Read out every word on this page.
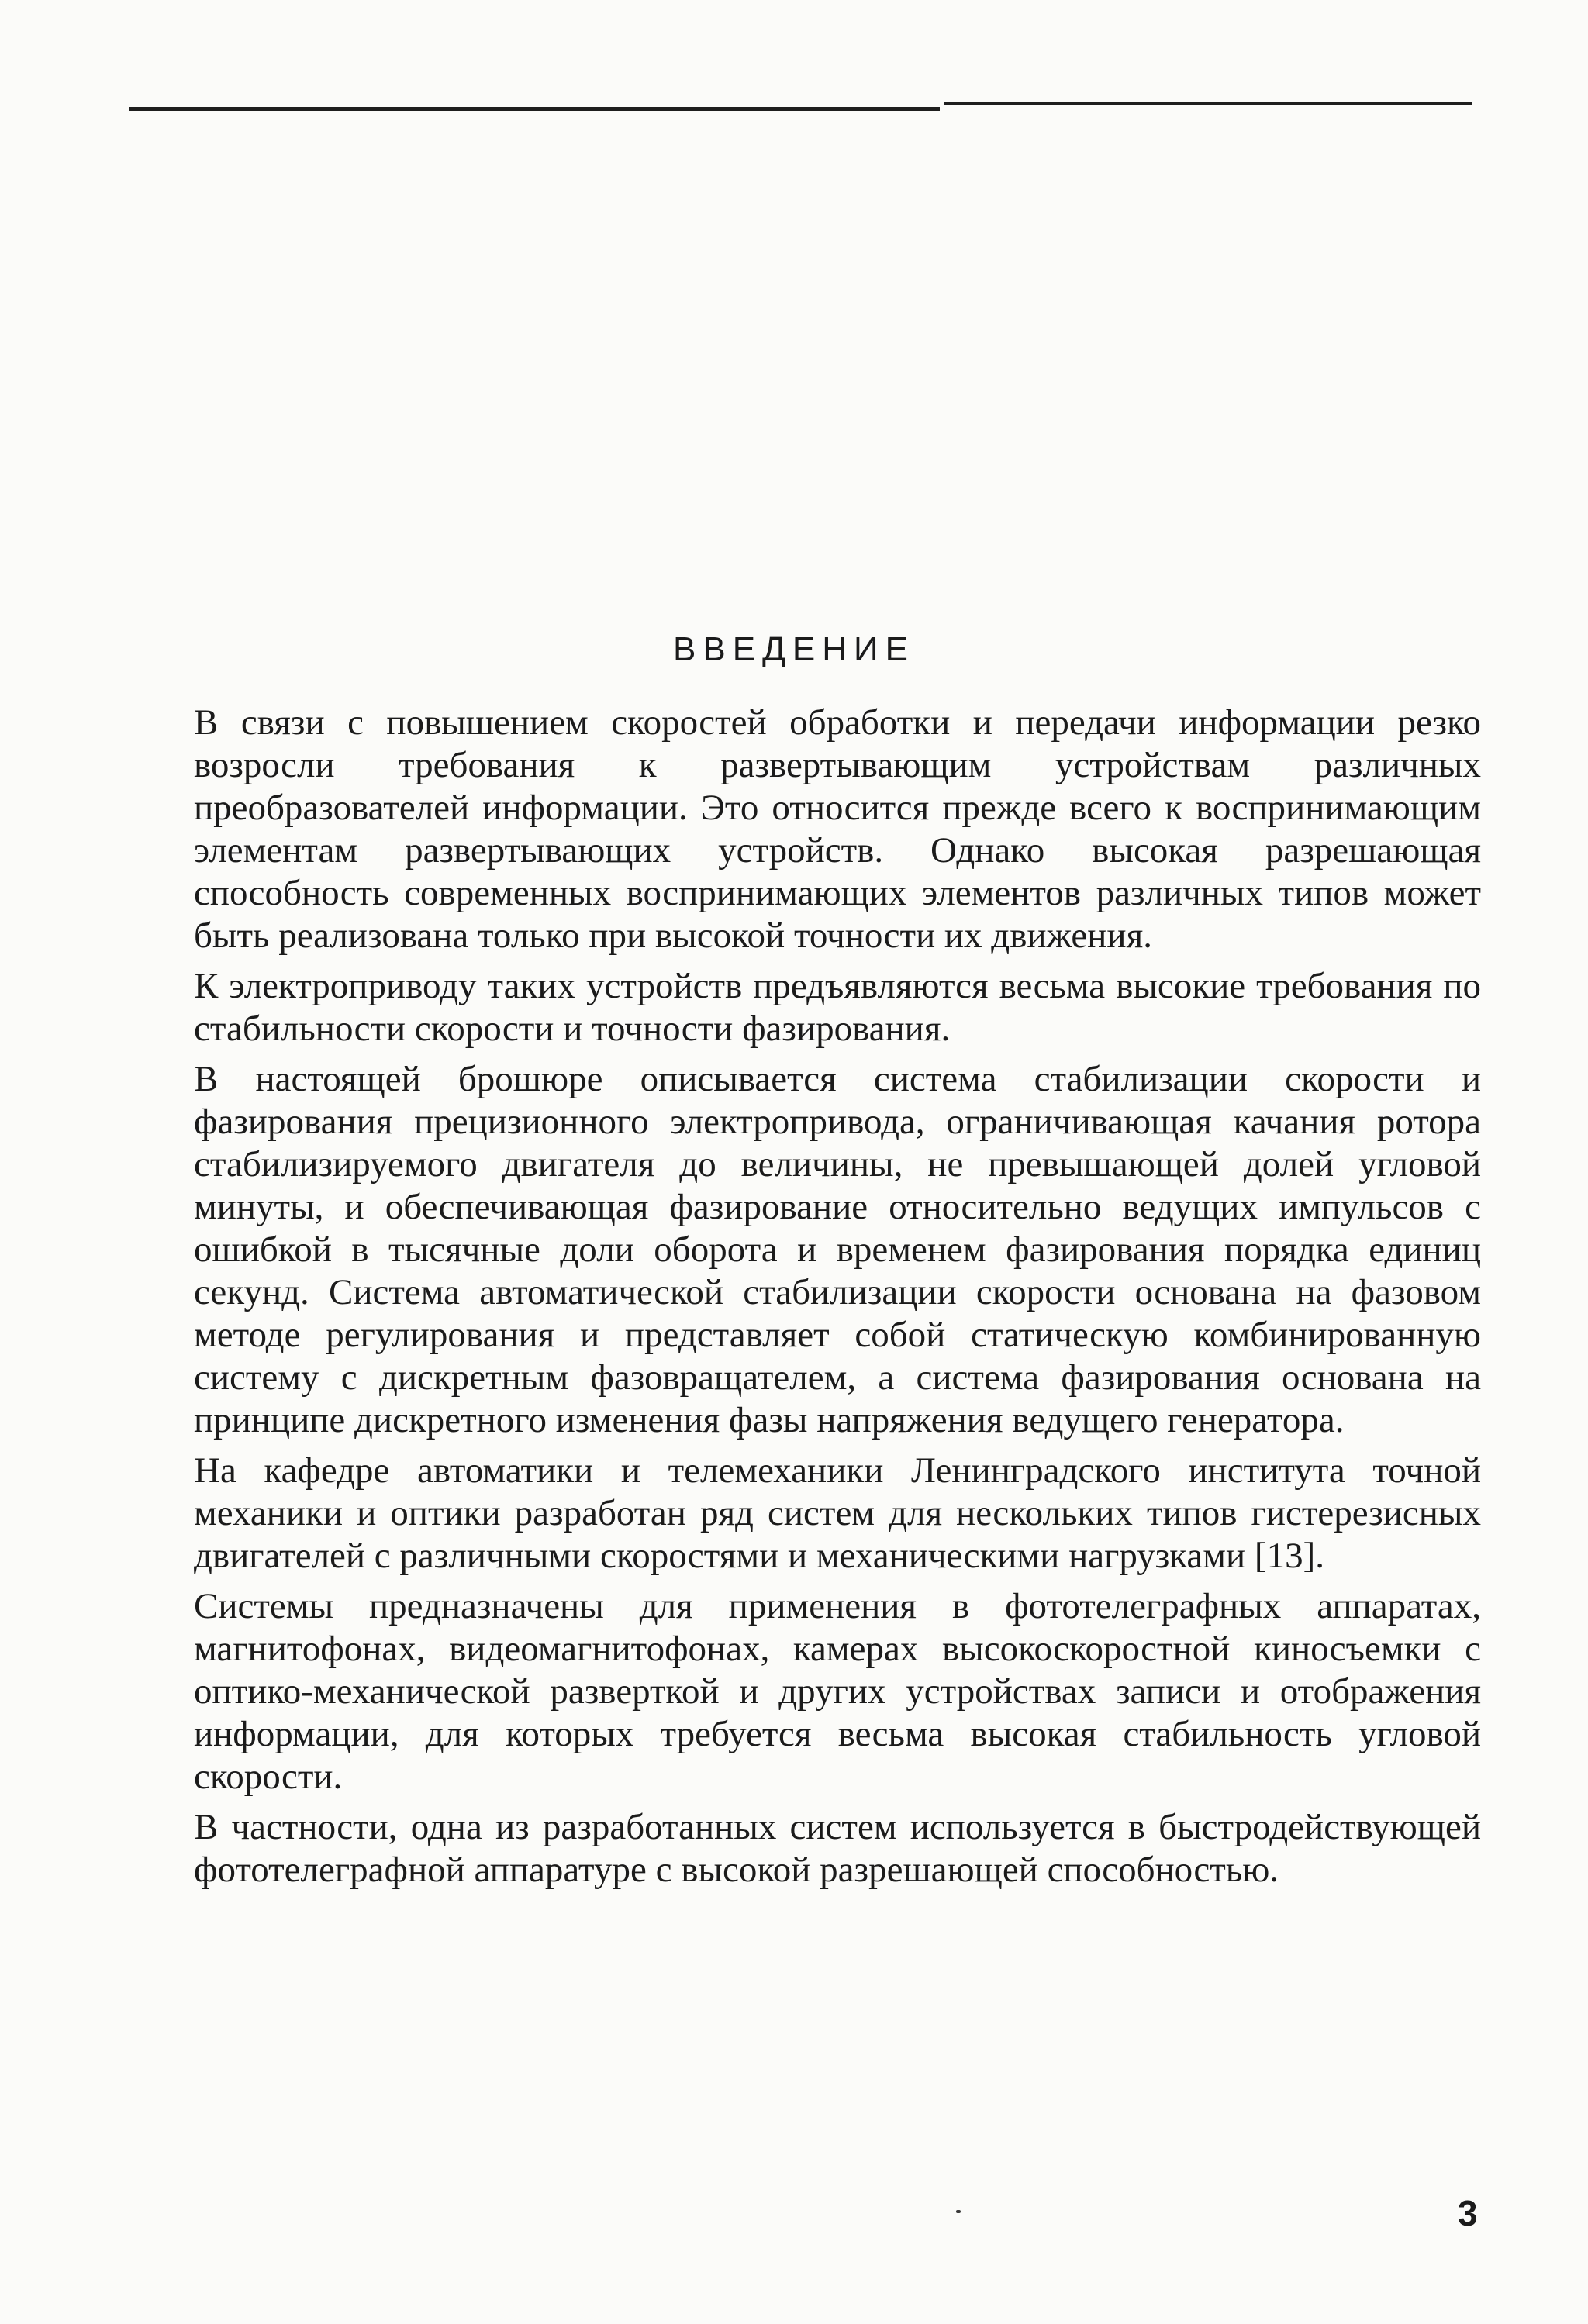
ВВЕДЕНИЕ

В связи с повышением скоростей обработки и передачи информации резко возросли требования к развертывающим устройствам различных преобразователей информации. Это относится прежде всего к воспринимающим элементам развертывающих устройств. Однако высокая разрешающая способность современных воспринимающих элементов различных типов может быть реализована только при высокой точности их движения.

К электроприводу таких устройств предъявляются весьма высокие требования по стабильности скорости и точности фазирования.

В настоящей брошюре описывается система стабилизации скорости и фазирования прецизионного электропривода, ограничивающая качания ротора стабилизируемого двигателя до величины, не превышающей долей угловой минуты, и обеспечивающая фазирование относительно ведущих импульсов с ошибкой в тысячные доли оборота и временем фазирования порядка единиц секунд. Система автоматической стабилизации скорости основана на фазовом методе регулирования и представляет собой статическую комбинированную систему с дискретным фазовращателем, а система фазирования основана на принципе дискретного изменения фазы напряжения ведущего генератора.

На кафедре автоматики и телемеханики Ленинградского института точной механики и оптики разработан ряд систем для нескольких типов гистерезисных двигателей с различными скоростями и механическими нагрузками [13].

Системы предназначены для применения в фототелеграфных аппаратах, магнитофонах, видеомагнитофонах, камерах высокоскоростной киносъемки с оптико-механической разверткой и других устройствах записи и отображения информации, для которых требуется весьма высокая стабильность угловой скорости.

В частности, одна из разработанных систем используется в быстродействующей фототелеграфной аппаратуре с высокой разрешающей способностью.

3
